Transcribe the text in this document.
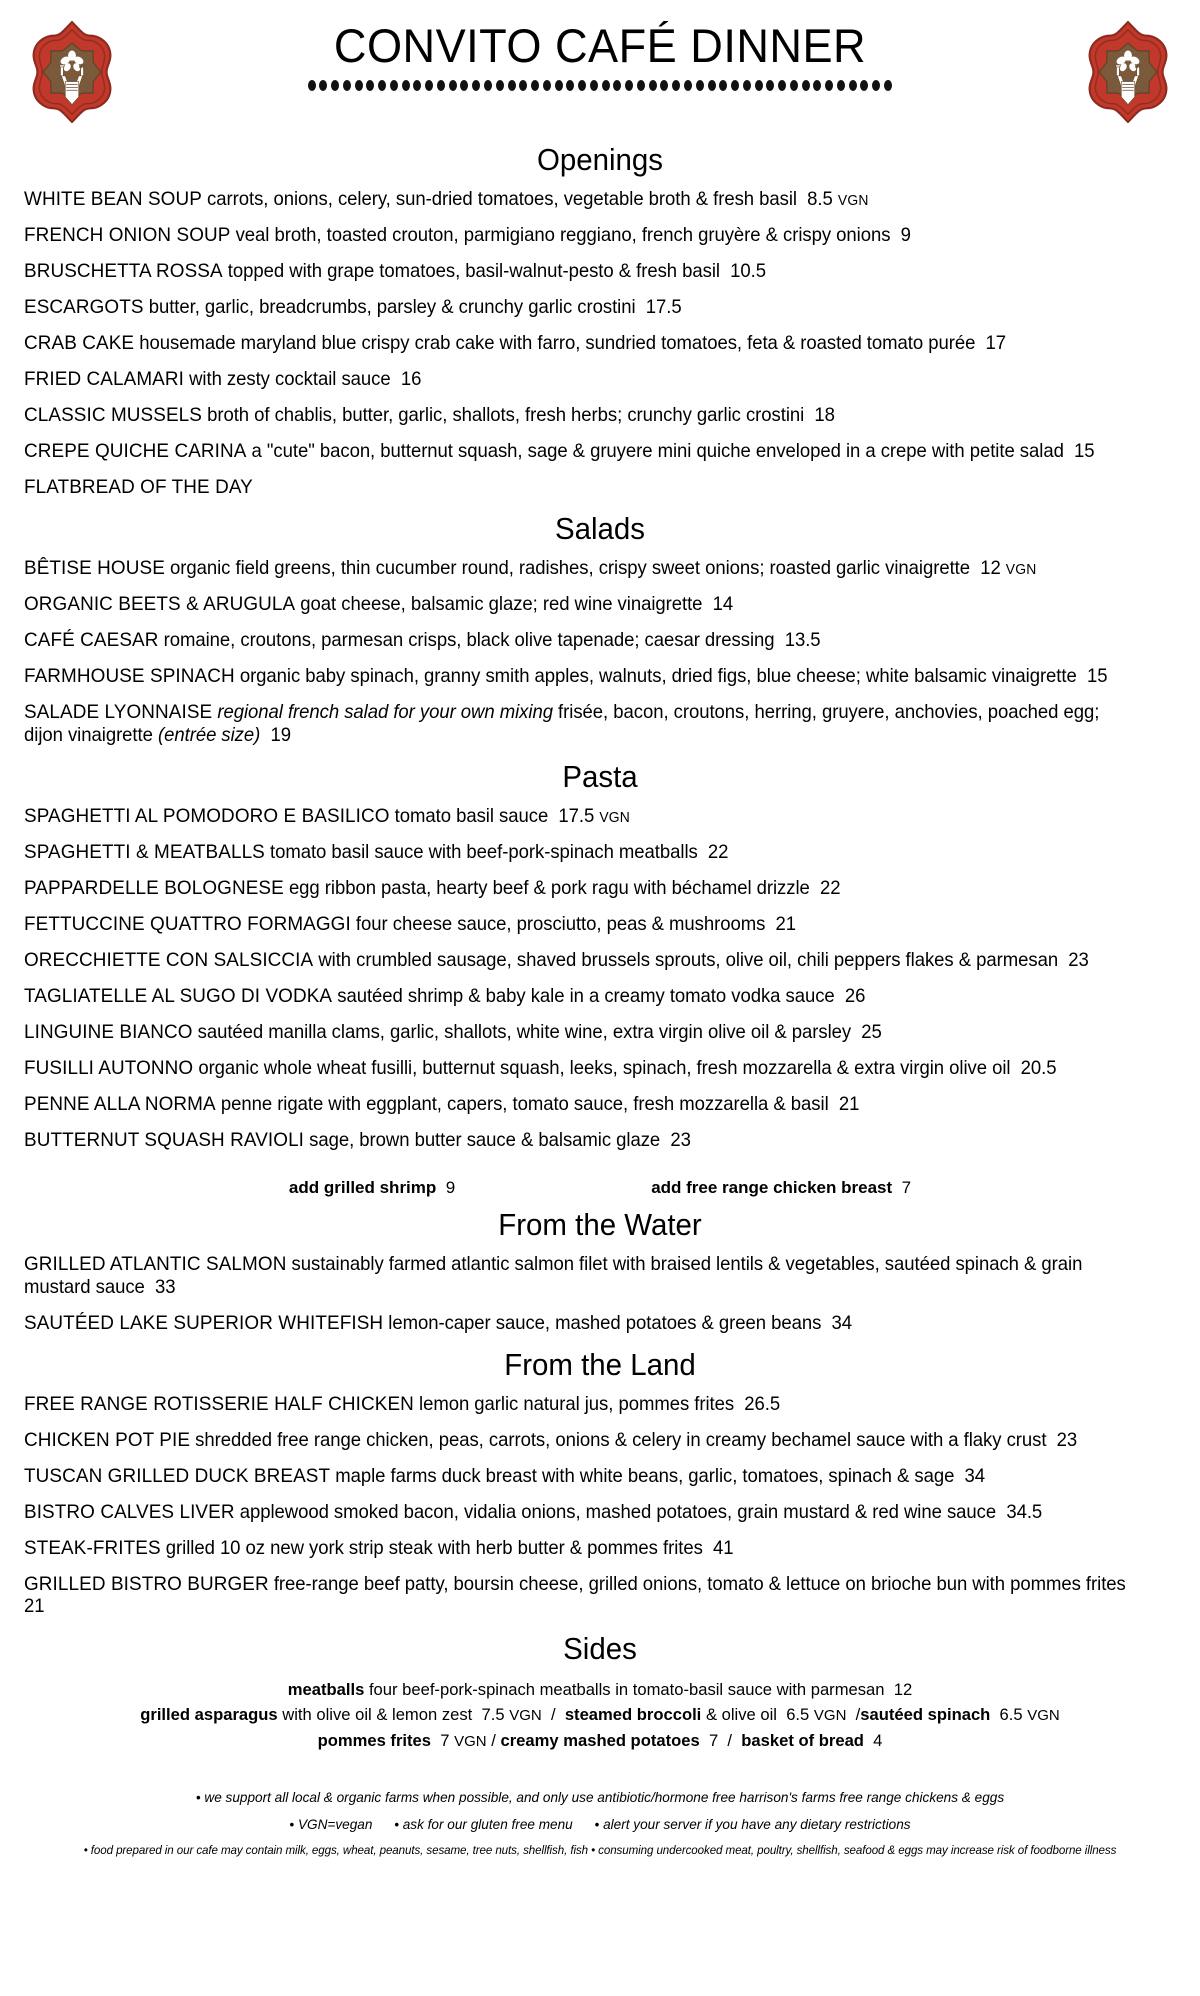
CONVITO CAFÉ DINNER
Openings
WHITE BEAN SOUP carrots, onions, celery, sun-dried tomatoes, vegetable broth & fresh basil 8.5 VGN
FRENCH ONION SOUP veal broth, toasted crouton, parmigiano reggiano, french gruyère & crispy onions 9
BRUSCHETTA ROSSA topped with grape tomatoes, basil-walnut-pesto & fresh basil 10.5
ESCARGOTS butter, garlic, breadcrumbs, parsley & crunchy garlic crostini 17.5
CRAB CAKE housemade maryland blue crispy crab cake with farro, sundried tomatoes, feta & roasted tomato purée 17
FRIED CALAMARI with zesty cocktail sauce 16
CLASSIC MUSSELS broth of chablis, butter, garlic, shallots, fresh herbs; crunchy garlic crostini 18
CREPE QUICHE CARINA a "cute" bacon, butternut squash, sage & gruyere mini quiche enveloped in a crepe with petite salad 15
FLATBREAD OF THE DAY
Salads
BÊTISE HOUSE organic field greens, thin cucumber round, radishes, crispy sweet onions; roasted garlic vinaigrette 12 VGN
ORGANIC BEETS & ARUGULA goat cheese, balsamic glaze; red wine vinaigrette 14
CAFÉ CAESAR romaine, croutons, parmesan crisps, black olive tapenade; caesar dressing 13.5
FARMHOUSE SPINACH organic baby spinach, granny smith apples, walnuts, dried figs, blue cheese; white balsamic vinaigrette 15
SALADE LYONNAISE regional french salad for your own mixing frisée, bacon, croutons, herring, gruyere, anchovies, poached egg; dijon vinaigrette (entrée size) 19
Pasta
SPAGHETTI AL POMODORO E BASILICO tomato basil sauce 17.5 VGN
SPAGHETTI & MEATBALLS tomato basil sauce with beef-pork-spinach meatballs 22
PAPPARDELLE BOLOGNESE egg ribbon pasta, hearty beef & pork ragu with béchamel drizzle 22
FETTUCCINE QUATTRO FORMAGGI four cheese sauce, prosciutto, peas & mushrooms 21
ORECCHIETTE CON SALSICCIA with crumbled sausage, shaved brussels sprouts, olive oil, chili peppers flakes & parmesan 23
TAGLIATELLE AL SUGO DI VODKA sautéed shrimp & baby kale in a creamy tomato vodka sauce 26
LINGUINE BIANCO sautéed manilla clams, garlic, shallots, white wine, extra virgin olive oil & parsley 25
FUSILLI AUTONNO organic whole wheat fusilli, butternut squash, leeks, spinach, fresh mozzarella & extra virgin olive oil 20.5
PENNE ALLA NORMA penne rigate with eggplant, capers, tomato sauce, fresh mozzarella & basil 21
BUTTERNUT SQUASH RAVIOLI sage, brown butter sauce & balsamic glaze 23
add grilled shrimp 9	add free range chicken breast 7
From the Water
GRILLED ATLANTIC SALMON sustainably farmed atlantic salmon filet with braised lentils & vegetables, sautéed spinach & grain mustard sauce 33
SAUTÉED LAKE SUPERIOR WHITEFISH lemon-caper sauce, mashed potatoes & green beans 34
From the Land
FREE RANGE ROTISSERIE HALF CHICKEN lemon garlic natural jus, pommes frites 26.5
CHICKEN POT PIE shredded free range chicken, peas, carrots, onions & celery in creamy bechamel sauce with a flaky crust 23
TUSCAN GRILLED DUCK BREAST maple farms duck breast with white beans, garlic, tomatoes, spinach & sage 34
BISTRO CALVES LIVER applewood smoked bacon, vidalia onions, mashed potatoes, grain mustard & red wine sauce 34.5
STEAK-FRITES grilled 10 oz new york strip steak with herb butter & pommes frites 41
GRILLED BISTRO BURGER free-range beef patty, boursin cheese, grilled onions, tomato & lettuce on brioche bun with pommes frites  21
Sides
meatballs four beef-pork-spinach meatballs in tomato-basil sauce with parmesan 12
grilled asparagus with olive oil & lemon zest 7.5 VGN / steamed broccoli & olive oil 6.5 VGN /sautéed spinach 6.5 VGN
pommes frites 7 VGN / creamy mashed potatoes 7 / basket of bread 4
• we support all local & organic farms when possible, and only use antibiotic/hormone free harrison's farms free range chickens & eggs
• VGN=vegan • ask for our gluten free menu • alert your server if you have any dietary restrictions
• food prepared in our cafe may contain milk, eggs, wheat, peanuts, sesame, tree nuts, shellfish, fish • consuming undercooked meat, poultry, shellfish, seafood & eggs may increase risk of foodborne illness
